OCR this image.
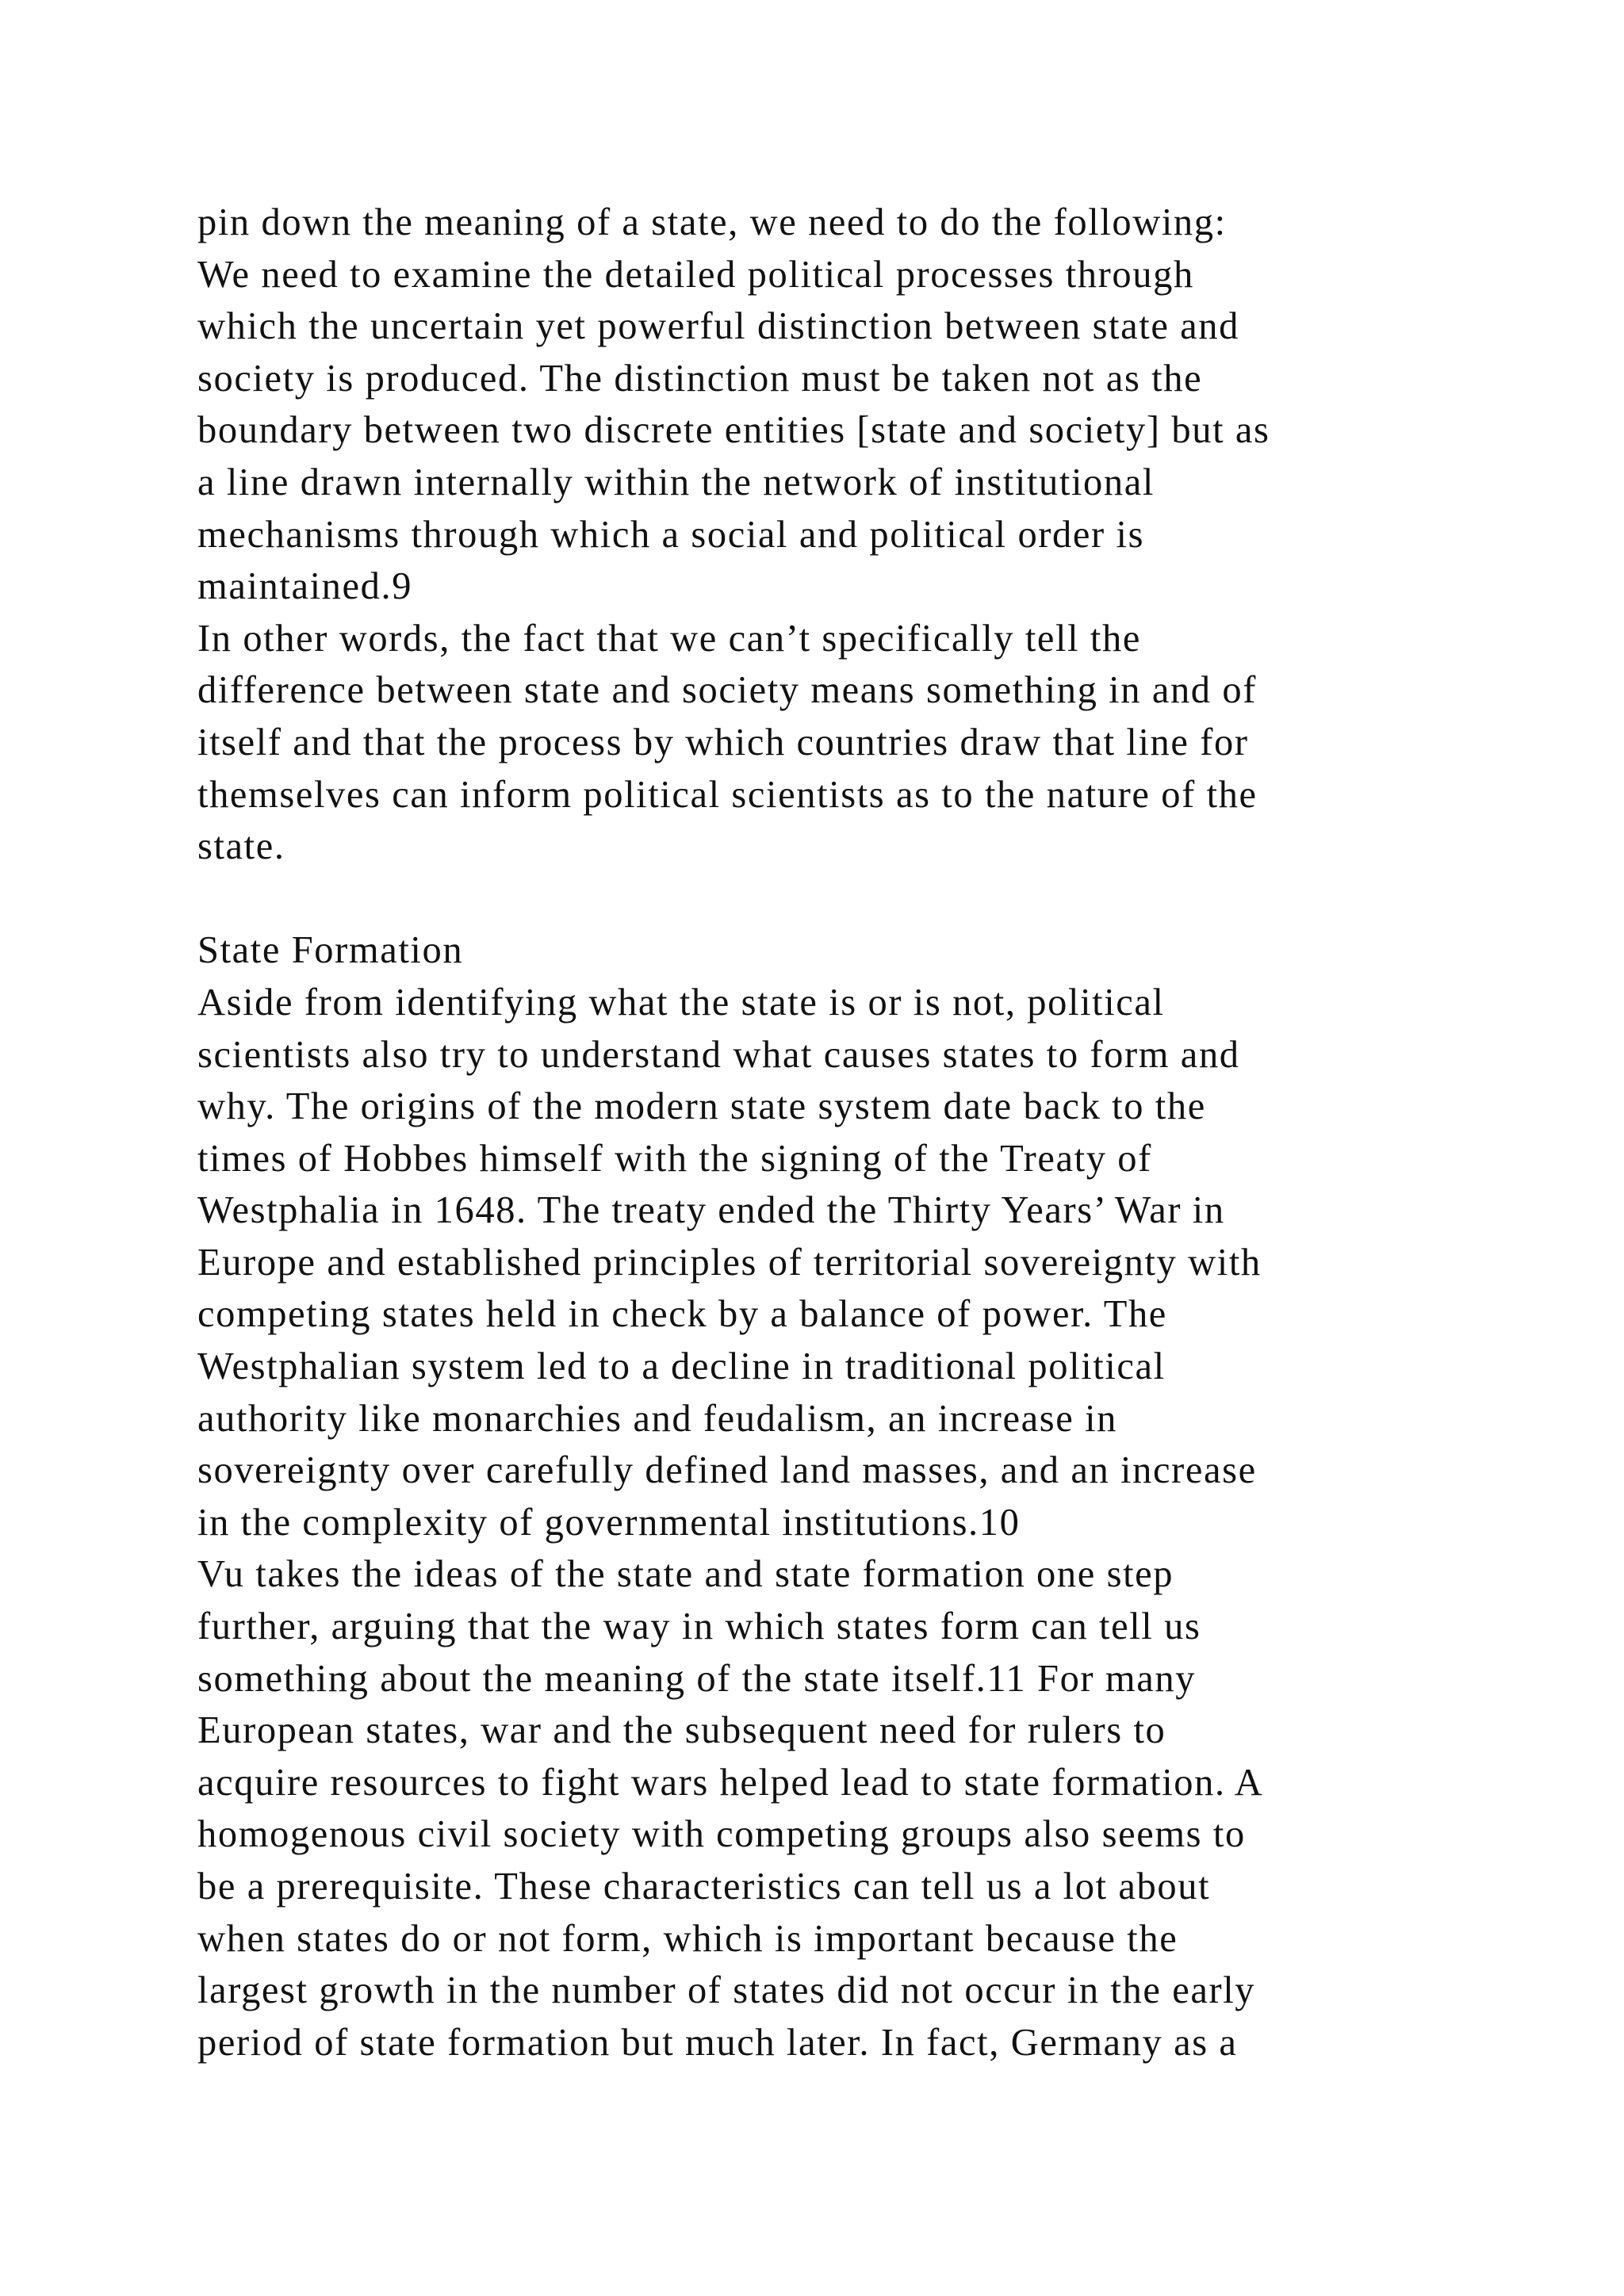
pin down the meaning of a state, we need to do the following:
We need to examine the detailed political processes through
which the uncertain yet powerful distinction between state and
society is produced. The distinction must be taken not as the
boundary between two discrete entities [state and society] but as
a line drawn internally within the network of institutional
mechanisms through which a social and political order is
maintained.9
In other words, the fact that we can’t specifically tell the
difference between state and society means something in and of
itself and that the process by which countries draw that line for
themselves can inform political scientists as to the nature of the
state.
State Formation
Aside from identifying what the state is or is not, political
scientists also try to understand what causes states to form and
why. The origins of the modern state system date back to the
times of Hobbes himself with the signing of the Treaty of
Westphalia in 1648. The treaty ended the Thirty Years’ War in
Europe and established principles of territorial sovereignty with
competing states held in check by a balance of power. The
Westphalian system led to a decline in traditional political
authority like monarchies and feudalism, an increase in
sovereignty over carefully defined land masses, and an increase
in the complexity of governmental institutions.10
Vu takes the ideas of the state and state formation one step
further, arguing that the way in which states form can tell us
something about the meaning of the state itself.11 For many
European states, war and the subsequent need for rulers to
acquire resources to fight wars helped lead to state formation. A
homogenous civil society with competing groups also seems to
be a prerequisite. These characteristics can tell us a lot about
when states do or not form, which is important because the
largest growth in the number of states did not occur in the early
period of state formation but much later. In fact, Germany as a
